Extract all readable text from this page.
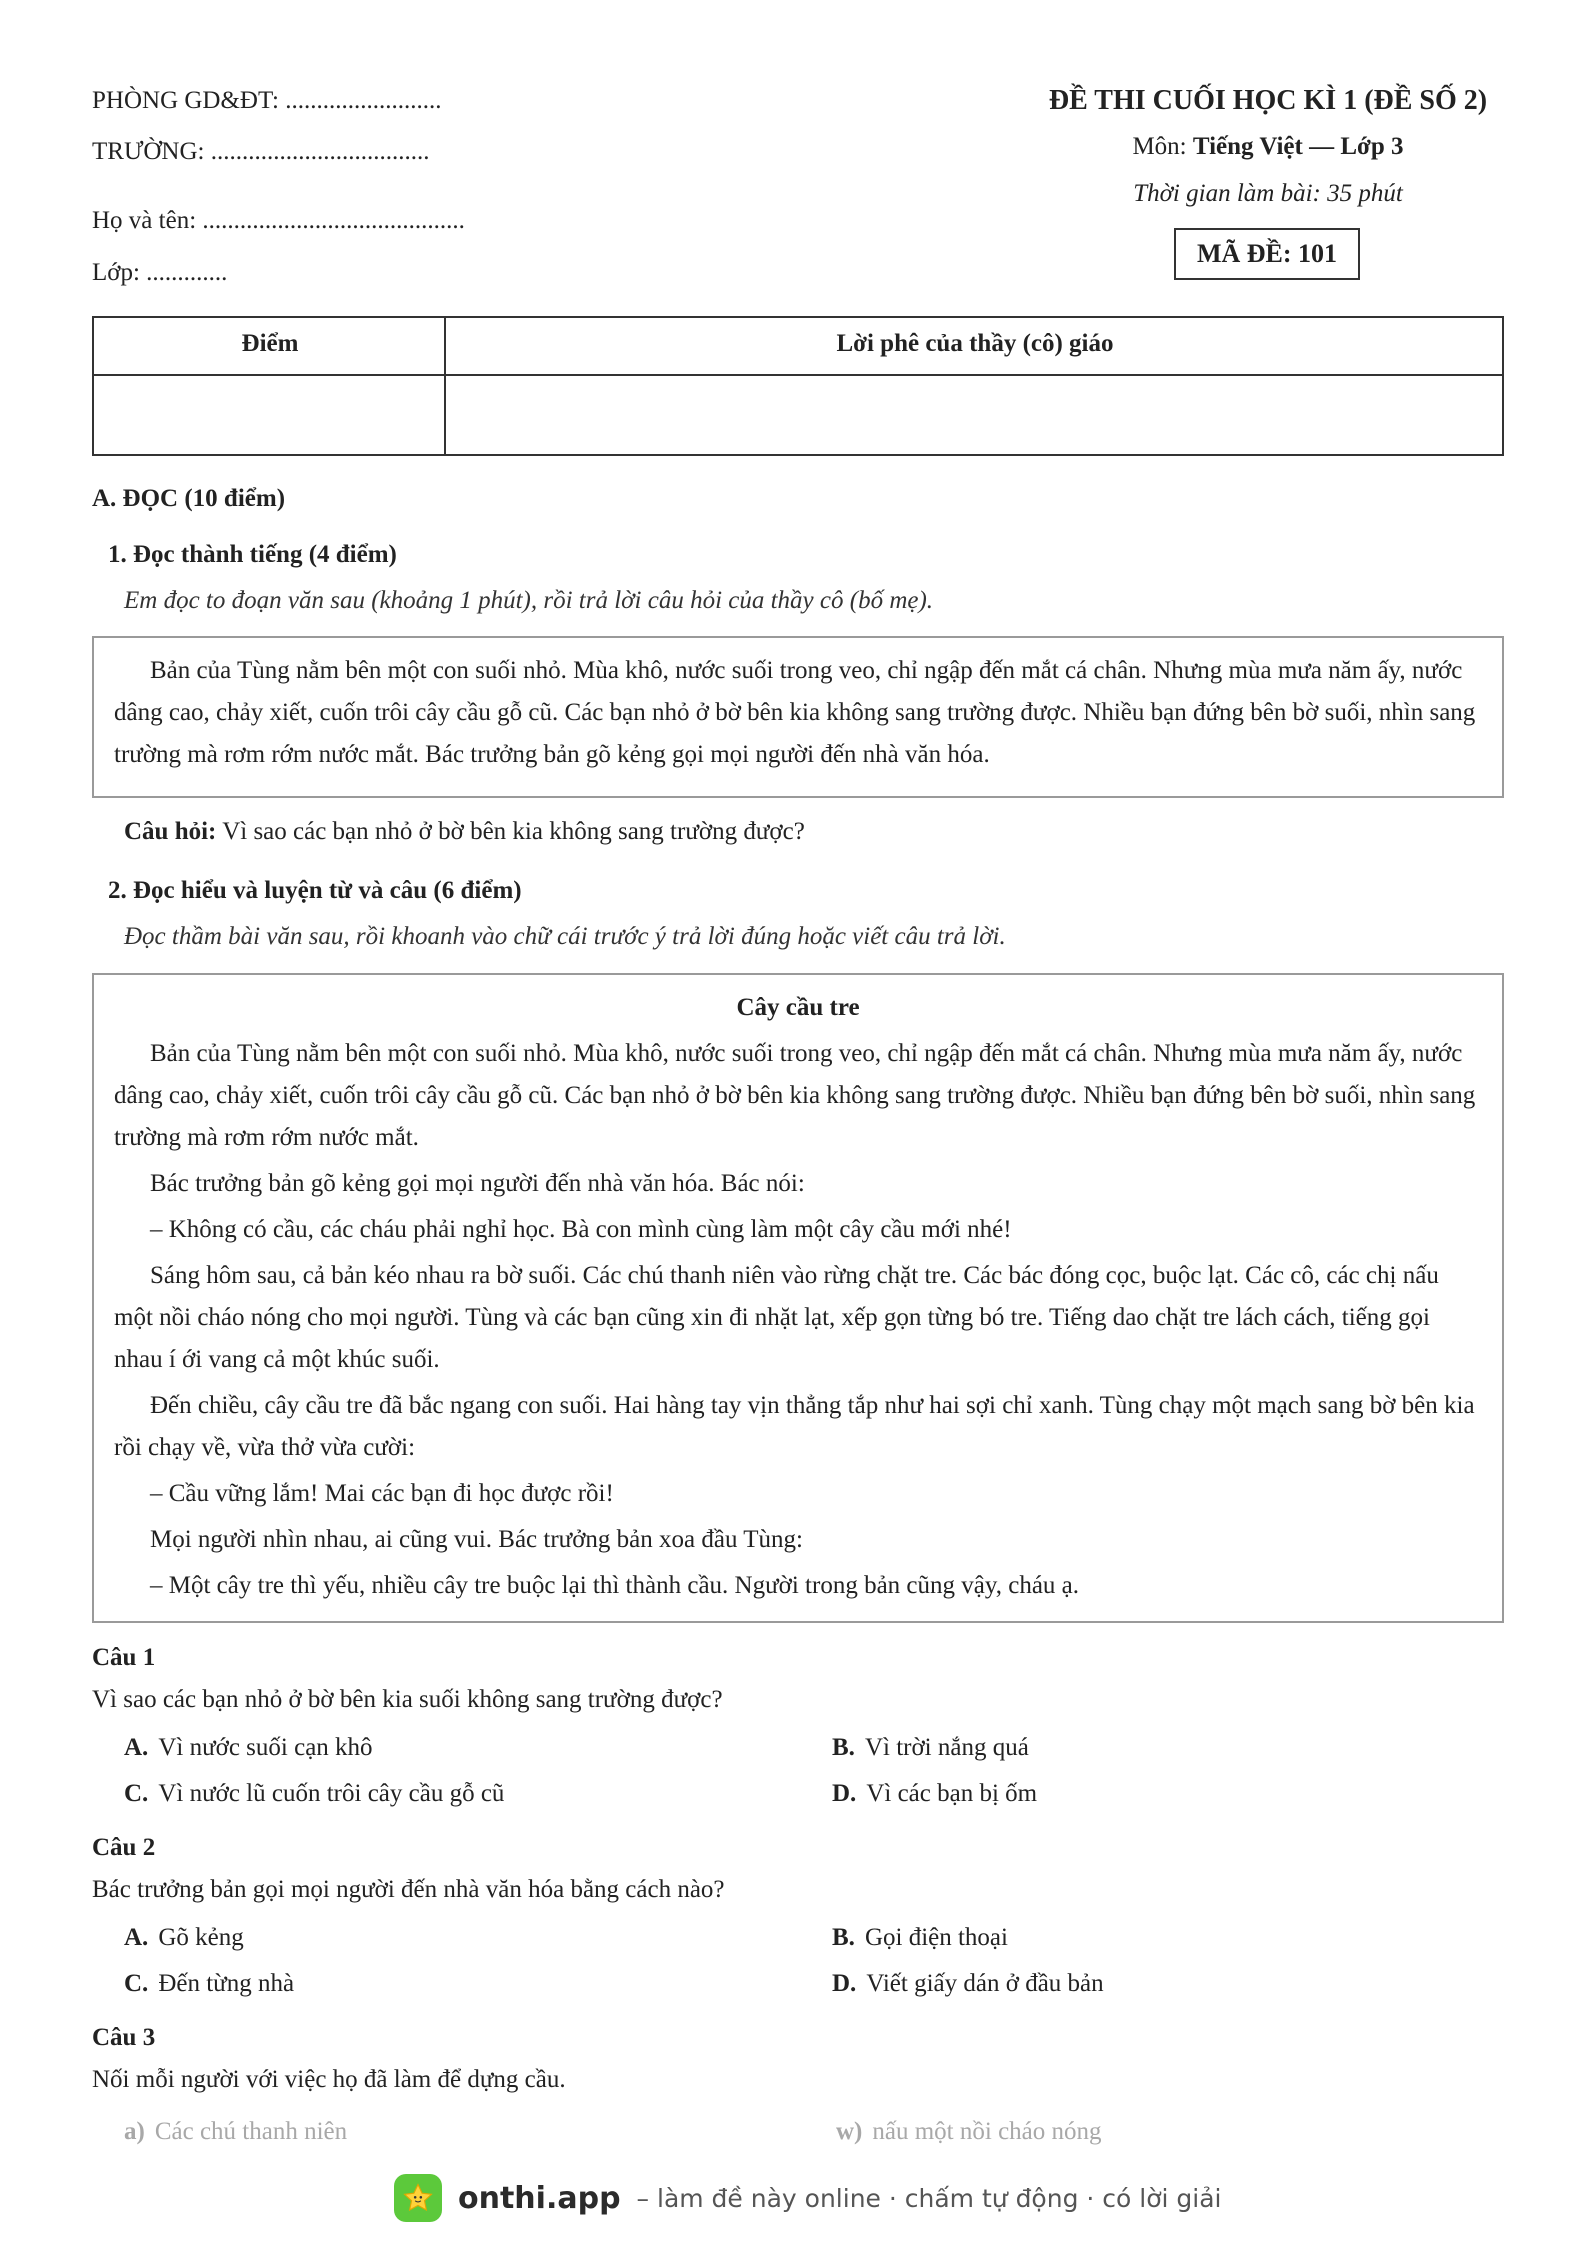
PHÒNG GD&ĐT: .........................
TRƯỜNG: ...................................
Họ và tên: ..........................................
Lớp: .............
ĐỀ THI CUỐI HỌC KÌ 1 (ĐỀ SỐ 2)
Môn: Tiếng Việt — Lớp 3
Thời gian làm bài: 35 phút
MÃ ĐỀ: 101
Điểm	Lời phê của thầy (cô) giáo
A. ĐỌC (10 điểm)
1. Đọc thành tiếng (4 điểm)
Em đọc to đoạn văn sau (khoảng 1 phút), rồi trả lời câu hỏi của thầy cô (bố mẹ).

Bản của Tùng nằm bên một con suối nhỏ. Mùa khô, nước suối trong veo, chỉ ngập đến mắt cá chân. Nhưng mùa mưa năm ấy, nước dâng cao, chảy xiết, cuốn trôi cây cầu gỗ cũ. Các bạn nhỏ ở bờ bên kia không sang trường được. Nhiều bạn đứng bên bờ suối, nhìn sang trường mà rơm rớm nước mắt. Bác trưởng bản gõ kẻng gọi mọi người đến nhà văn hóa.

Câu hỏi: Vì sao các bạn nhỏ ở bờ bên kia không sang trường được?
2. Đọc hiểu và luyện từ và câu (6 điểm)
Đọc thầm bài văn sau, rồi khoanh vào chữ cái trước ý trả lời đúng hoặc viết câu trả lời.

Cây cầu tre

Bản của Tùng nằm bên một con suối nhỏ. Mùa khô, nước suối trong veo, chỉ ngập đến mắt cá chân. Nhưng mùa mưa năm ấy, nước dâng cao, chảy xiết, cuốn trôi cây cầu gỗ cũ. Các bạn nhỏ ở bờ bên kia không sang trường được. Nhiều bạn đứng bên bờ suối, nhìn sang trường mà rơm rớm nước mắt.

Bác trưởng bản gõ kẻng gọi mọi người đến nhà văn hóa. Bác nói:

– Không có cầu, các cháu phải nghỉ học. Bà con mình cùng làm một cây cầu mới nhé!

Sáng hôm sau, cả bản kéo nhau ra bờ suối. Các chú thanh niên vào rừng chặt tre. Các bác đóng cọc, buộc lạt. Các cô, các chị nấu một nồi cháo nóng cho mọi người. Tùng và các bạn cũng xin đi nhặt lạt, xếp gọn từng bó tre. Tiếng dao chặt tre lách cách, tiếng gọi nhau í ới vang cả một khúc suối.

Đến chiều, cây cầu tre đã bắc ngang con suối. Hai hàng tay vịn thẳng tắp như hai sợi chỉ xanh. Tùng chạy một mạch sang bờ bên kia rồi chạy về, vừa thở vừa cười:

– Cầu vững lắm! Mai các bạn đi học được rồi!

Mọi người nhìn nhau, ai cũng vui. Bác trưởng bản xoa đầu Tùng:

– Một cây tre thì yếu, nhiều cây tre buộc lại thì thành cầu. Người trong bản cũng vậy, cháu ạ.

Câu 1
Vì sao các bạn nhỏ ở bờ bên kia suối không sang trường được?
A. Vì nước suối cạn khô	B. Vì trời nắng quá
C. Vì nước lũ cuốn trôi cây cầu gỗ cũ	D. Vì các bạn bị ốm
Câu 2
Bác trưởng bản gọi mọi người đến nhà văn hóa bằng cách nào?
A. Gõ kẻng	B. Gọi điện thoại
C. Đến từng nhà	D. Viết giấy dán ở đầu bản
Câu 3
Nối mỗi người với việc họ đã làm để dựng cầu.
a) Các chú thanh niên	w) nấu một nồi cháo nóng
onthi.app – làm đề này online · chấm tự động · có lời giải
